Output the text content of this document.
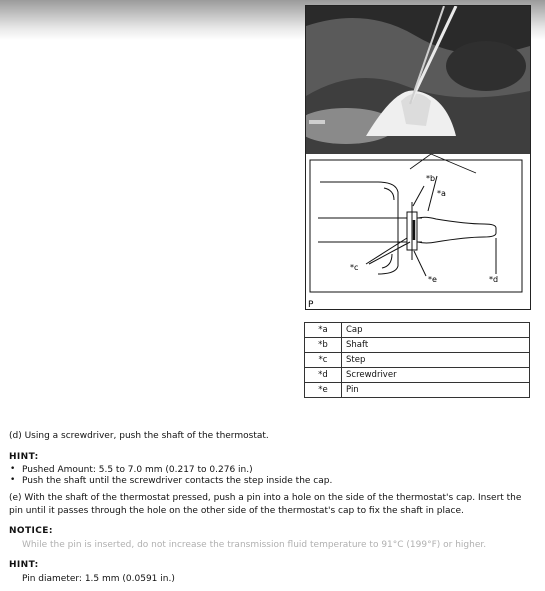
*b
*a
*c
*e	*d
P
*a	Cap
*b	Shaft
*c	Step
*d	Screwdriver
*e	Pin
(d) Using a screwdriver, push the shaft of the thermostat.
HINT:
• Pushed Amount: 5.5 to 7.0 mm (0.217 to 0.276 in.)
• Push the shaft until the screwdriver contacts the step inside the cap.
(e) With the shaft of the thermostat pressed, push a pin into a hole on the side of the thermostat's cap. Insert the pin until it passes through the hole on the other side of the thermostat's cap to fix the shaft in place.
NOTICE:
While the pin is inserted, do not increase the transmission fluid temperature to 91°C (199°F) or higher.
HINT:
Pin diameter: 1.5 mm (0.0591 in.)
